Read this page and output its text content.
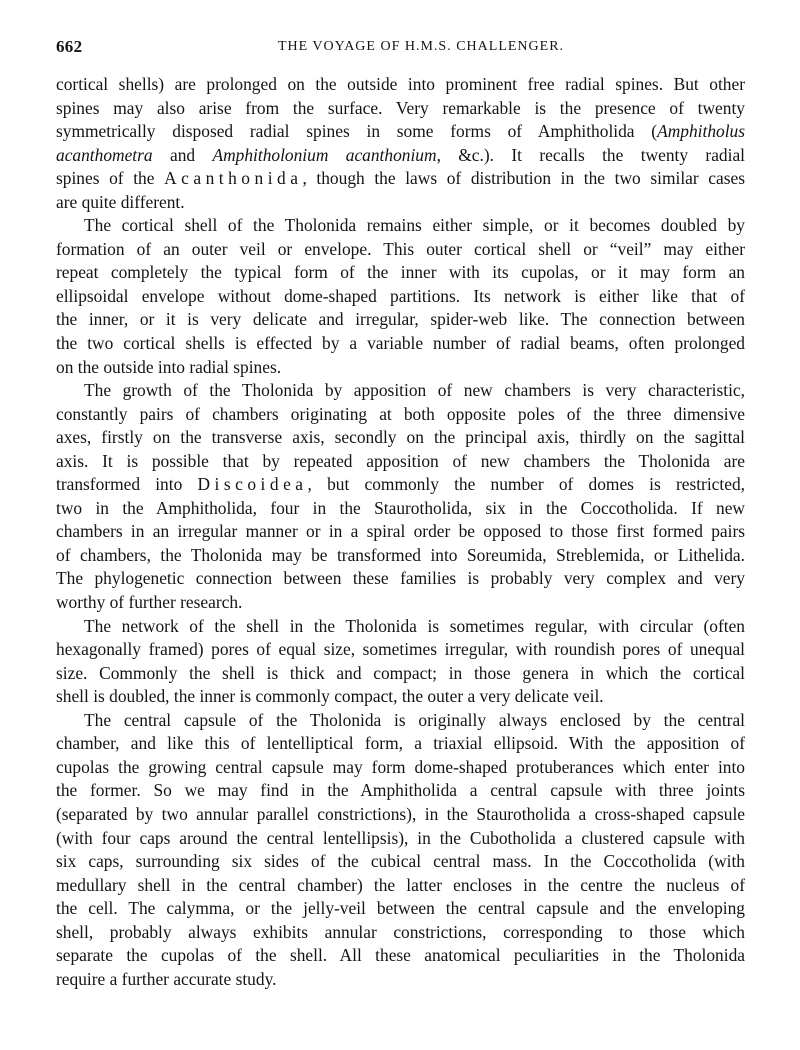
662	THE VOYAGE OF H.M.S. CHALLENGER.
cortical shells) are prolonged on the outside into prominent free radial spines. But other
spines may also arise from the surface. Very remarkable is the presence of twenty
symmetrically disposed radial spines in some forms of Amphitholida (Amphitholus
acanthometra and Amphitholonium acanthonium, &c.). It recalls the twenty radial
spines of the Acanthonida, though the laws of distribution in the two similar cases
are quite different.
The cortical shell of the Tholonida remains either simple, or it becomes doubled by
formation of an outer veil or envelope. This outer cortical shell or “veil” may either
repeat completely the typical form of the inner with its cupolas, or it may form an
ellipsoidal envelope without dome-shaped partitions. Its network is either like that of
the inner, or it is very delicate and irregular, spider-web like. The connection between
the two cortical shells is effected by a variable number of radial beams, often prolonged
on the outside into radial spines.
The growth of the Tholonida by apposition of new chambers is very characteristic,
constantly pairs of chambers originating at both opposite poles of the three dimensive
axes, firstly on the transverse axis, secondly on the principal axis, thirdly on the sagittal
axis. It is possible that by repeated apposition of new chambers the Tholonida are
transformed into Discoidea, but commonly the number of domes is restricted,
two in the Amphitholida, four in the Staurotholida, six in the Coccotholida. If new
chambers in an irregular manner or in a spiral order be opposed to those first formed pairs
of chambers, the Tholonida may be transformed into Soreumida, Streblemida, or Lithelida.
The phylogenetic connection between these families is probably very complex and very
worthy of further research.
The network of the shell in the Tholonida is sometimes regular, with circular (often
hexagonally framed) pores of equal size, sometimes irregular, with roundish pores of unequal
size. Commonly the shell is thick and compact; in those genera in which the cortical
shell is doubled, the inner is commonly compact, the outer a very delicate veil.
The central capsule of the Tholonida is originally always enclosed by the central
chamber, and like this of lentelliptical form, a triaxial ellipsoid. With the apposition of
cupolas the growing central capsule may form dome-shaped protuberances which enter into
the former. So we may find in the Amphitholida a central capsule with three joints
(separated by two annular parallel constrictions), in the Staurotholida a cross-shaped capsule
(with four caps around the central lentellipsis), in the Cubotholida a clustered capsule with
six caps, surrounding six sides of the cubical central mass. In the Coccotholida (with
medullary shell in the central chamber) the latter encloses in the centre the nucleus of
the cell. The calymma, or the jelly-veil between the central capsule and the enveloping
shell, probably always exhibits annular constrictions, corresponding to those which
separate the cupolas of the shell. All these anatomical peculiarities in the Tholonida
require a further accurate study.
